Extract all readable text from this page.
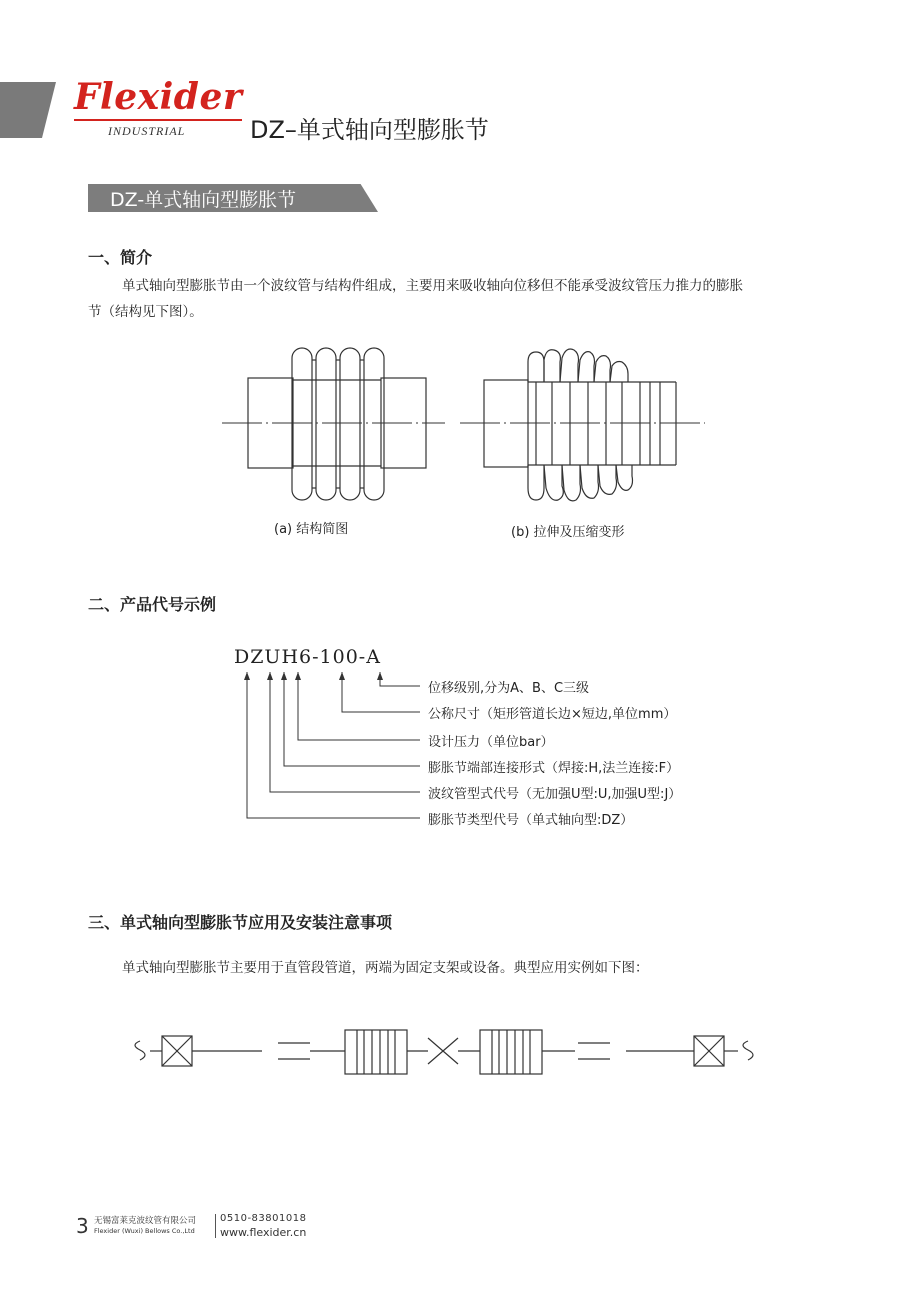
Flexider
INDUSTRIAL	DZ–单式轴向型膨胀节
DZ-单式轴向型膨胀节
一、简介
单式轴向型膨胀节由一个波纹管与结构件组成，主要用来吸收轴向位移但不能承受波纹管压力推力的膨胀
节（结构见下图）。
(a) 结构简图	(b) 拉伸及压缩变形
二、产品代号示例
DZUH6-100-A
位移级别,分为A、B、C三级
公称尺寸（矩形管道长边×短边,单位mm）
设计压力（单位bar）
膨胀节端部连接形式（焊接:H,法兰连接:F）
波纹管型式代号（无加强U型:U,加强U型:J）
膨胀节类型代号（单式轴向型:DZ）
三、单式轴向型膨胀节应用及安装注意事项
单式轴向型膨胀节主要用于直管段管道，两端为固定支架或设备。典型应用实例如下图：
3 无锡富莱克波纹管有限公司
Flexider (Wuxi) Bellows Co.,Ltd
0510-83801018
www.flexider.cn
